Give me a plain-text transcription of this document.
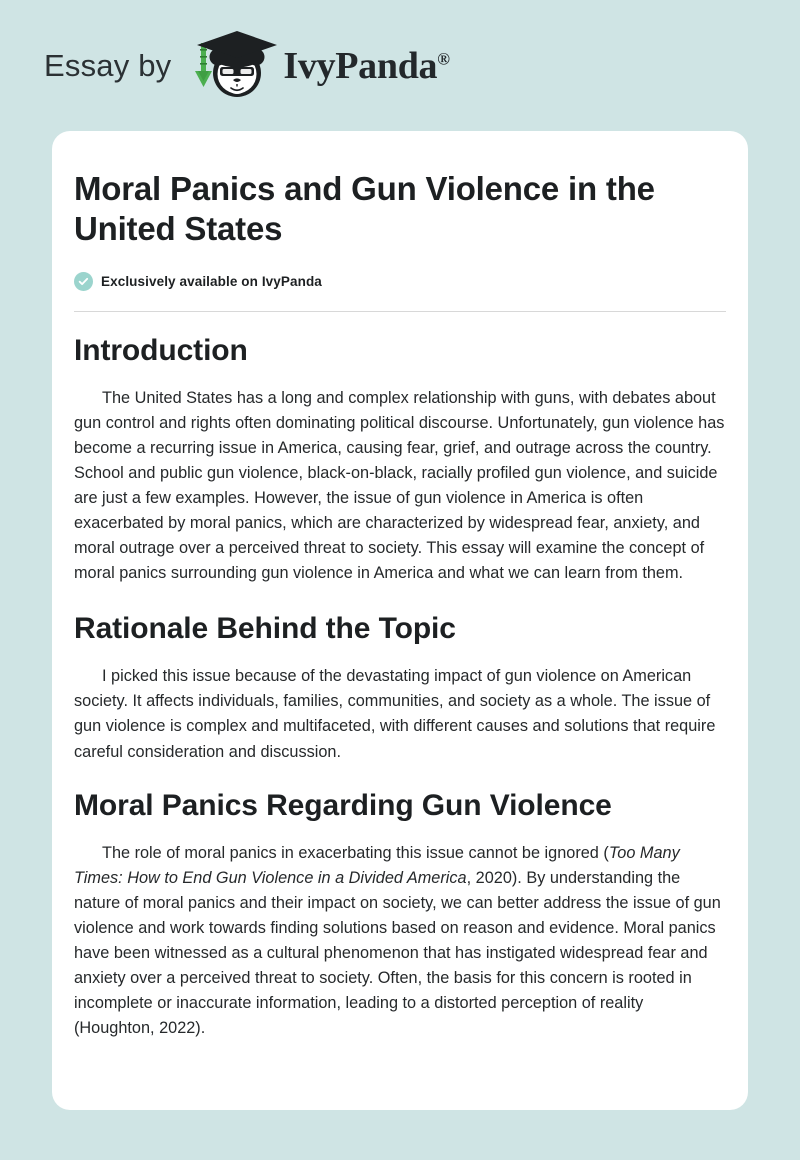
Essay by	IvyPanda®
Moral Panics and Gun Violence in the United States
Exclusively available on IvyPanda
Introduction

The United States has a long and complex relationship with guns, with debates about gun control and rights often dominating political discourse. Unfortunately, gun violence has become a recurring issue in America, causing fear, grief, and outrage across the country. School and public gun violence, black-on-black, racially profiled gun violence, and suicide are just a few examples. However, the issue of gun violence in America is often exacerbated by moral panics, which are characterized by widespread fear, anxiety, and moral outrage over a perceived threat to society. This essay will examine the concept of moral panics surrounding gun violence in America and what we can learn from them.

Rationale Behind the Topic

I picked this issue because of the devastating impact of gun violence on American society. It affects individuals, families, communities, and society as a whole. The issue of gun violence is complex and multifaceted, with different causes and solutions that require careful consideration and discussion.

Moral Panics Regarding Gun Violence

The role of moral panics in exacerbating this issue cannot be ignored (Too Many Times: How to End Gun Violence in a Divided America, 2020). By understanding the nature of moral panics and their impact on society, we can better address the issue of gun violence and work towards finding solutions based on reason and evidence. Moral panics have been witnessed as a cultural phenomenon that has instigated widespread fear and anxiety over a perceived threat to society. Often, the basis for this concern is rooted in incomplete or inaccurate information, leading to a distorted perception of reality (Houghton, 2022).
